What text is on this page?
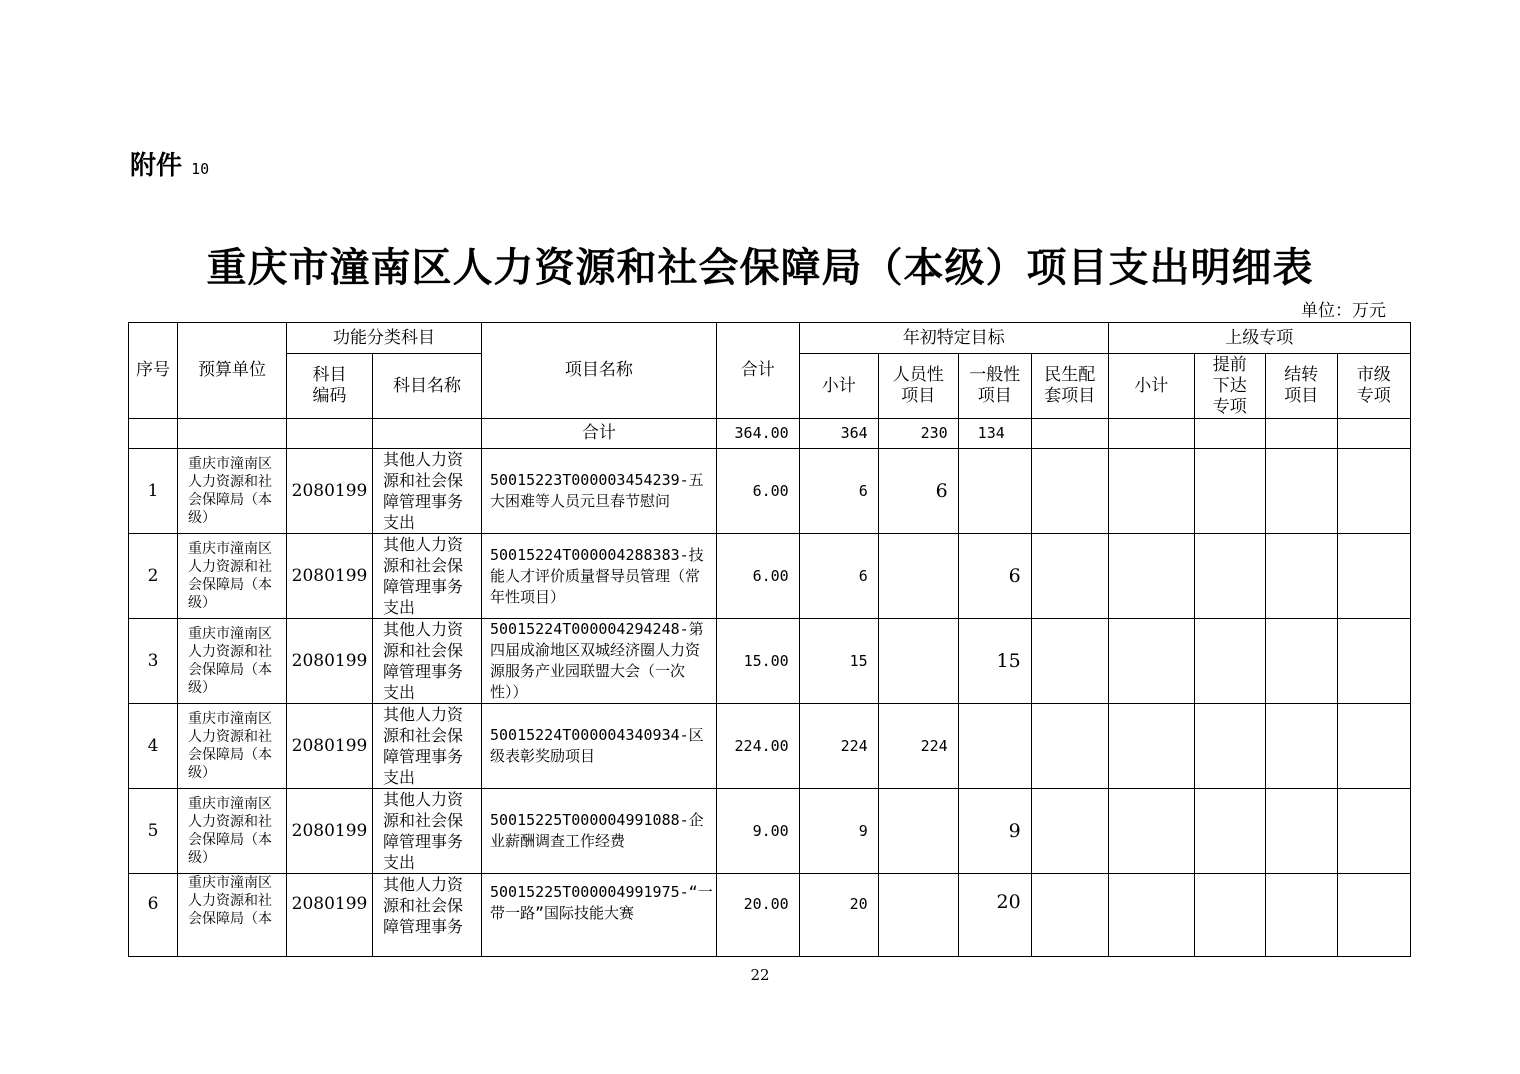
附件 10
重庆市潼南区人力资源和社会保障局（本级）项目支出明细表
单位：万元
序号	预算单位	功能分类科目		项目名称	合计	年初特定目标				上级专项			
		科目编码	科目名称			小计	人员性项目	一般性项目	民生配套项目	小计	提前下达专项	结转项目	市级专项
				合计	364.00	364	230	134					
1	重庆市潼南区人力资源和社会保障局（本级）	2080199	其他人力资源和社会保障管理事务支出	50015223T000003454239-五大困难等人员元旦春节慰问	6.00	6	6						
2	重庆市潼南区人力资源和社会保障局（本级）	2080199	其他人力资源和社会保障管理事务支出	50015224T000004288383-技能人才评价质量督导员管理（常年性项目）	6.00	6		6					
3	重庆市潼南区人力资源和社会保障局（本级）	2080199	其他人力资源和社会保障管理事务支出	50015224T000004294248-第四届成渝地区双城经济圈人力资源服务产业园联盟大会（一次性））	15.00	15		15					
4	重庆市潼南区人力资源和社会保障局（本级）	2080199	其他人力资源和社会保障管理事务支出	50015224T000004340934-区级表彰奖励项目	224.00	224	224						
5	重庆市潼南区人力资源和社会保障局（本级）	2080199	其他人力资源和社会保障管理事务支出	50015225T000004991088-企业薪酬调查工作经费	9.00	9		9					
6	重庆市潼南区人力资源和社会保障局（本	2080199	其他人力资源和社会保障管理事务	50015225T000004991975-“一带一路”国际技能大赛	20.00	20		20					
22
